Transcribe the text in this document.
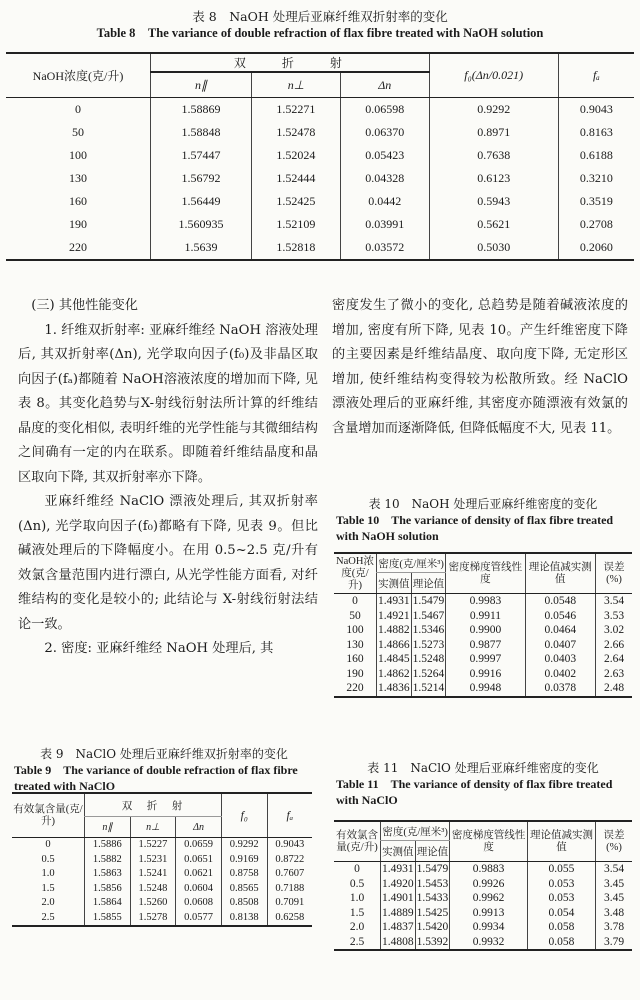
表 8　NaOH 处理后亚麻纤维双折射率的变化
Table 8　The variance of double refraction of flax fibre treated with NaOH solution
NaOH浓度(克/升)	双　　折　　射			f₀(Δn/0.021)	fₐ
	n∥	n⊥	Δn		
0	1.58869	1.52271	0.06598	0.9292	0.9043
50	1.58848	1.52478	0.06370	0.8971	0.8163
100	1.57447	1.52024	0.05423	0.7638	0.6188
130	1.56792	1.52444	0.04328	0.6123	0.3210
160	1.56449	1.52425	0.0442	0.5943	0.3519
190	1.560935	1.52109	0.03991	0.5621	0.2708
220	1.5639	1.52818	0.03572	0.5030	0.2060

(三) 其他性能变化

1. 纤维双折射率: 亚麻纤维经 NaOH 溶液处理后, 其双折射率(Δn), 光学取向因子(f₀)及非晶区取向因子(fₐ)都随着 NaOH溶液浓度的增加而下降, 见表 8。其变化趋势与X-射线衍射法所计算的纤维结晶度的变化相似, 表明纤维的光学性能与其微细结构之间确有一定的内在联系。即随着纤维结晶度和晶区取向下降, 其双折射率亦下降。

亚麻纤维经 NaClO 漂液处理后, 其双折射率(Δn), 光学取向因子(f₀)都略有下降, 见表 9。但比碱液处理后的下降幅度小。在用 0.5~2.5 克/升有效氯含量范围内进行漂白, 从光学性能方面看, 对纤维结构的变化是较小的; 此结论与 X-射线衍射法结论一致。

2. 密度: 亚麻纤维经 NaOH 处理后, 其

密度发生了微小的变化, 总趋势是随着碱液浓度的增加, 密度有所下降, 见表 10。产生纤维密度下降的主要因素是纤维结晶度、取向度下降, 无定形区增加, 使纤维结构变得较为松散所致。经 NaClO 漂液处理后的亚麻纤维, 其密度亦随漂液有效氯的含量增加而逐渐降低, 但降低幅度不大, 见表 11。

表 10　NaOH 处理后亚麻纤维密度的变化
Table 10　The variance of density of flax fibre treated with NaOH solution
NaOH浓度(克/升)	密度(克/厘米³)		密度梯度管线性度	理论值减实测值	误差(%)
	实测值	理论值			
0	1.4931	1.5479	0.9983	0.0548	3.54
50	1.4921	1.5467	0.9911	0.0546	3.53
100	1.4882	1.5346	0.9900	0.0464	3.02
130	1.4866	1.5273	0.9877	0.0407	2.66
160	1.4845	1.5248	0.9997	0.0403	2.64
190	1.4862	1.5264	0.9916	0.0402	2.63
220	1.4836	1.5214	0.9948	0.0378	2.48
表 9　NaClO 处理后亚麻纤维双折射率的变化
Table 9　The variance of double refraction of flax fibre treated with NaClO
有效氯含量(克/升)	双　折　射			f₀	fₐ
	n∥	n⊥	Δn		
0	1.5886	1.5227	0.0659	0.9292	0.9043
0.5	1.5882	1.5231	0.0651	0.9169	0.8722
1.0	1.5863	1.5241	0.0621	0.8758	0.7607
1.5	1.5856	1.5248	0.0604	0.8565	0.7188
2.0	1.5864	1.5260	0.0608	0.8508	0.7091
2.5	1.5855	1.5278	0.0577	0.8138	0.6258
表 11　NaClO 处理后亚麻纤维密度的变化
Table 11　The variance of density of flax fibre treated with NaClO
有效氯含量(克/升)	密度(克/厘米³)		密度梯度管线性度	理论值减实测值	误差(%)
	实测值	理论值			
0	1.4931	1.5479	0.9883	0.055	3.54
0.5	1.4920	1.5453	0.9926	0.053	3.45
1.0	1.4901	1.5433	0.9962	0.053	3.45
1.5	1.4889	1.5425	0.9913	0.054	3.48
2.0	1.4837	1.5420	0.9934	0.058	3.78
2.5	1.4808	1.5392	0.9932	0.058	3.79
